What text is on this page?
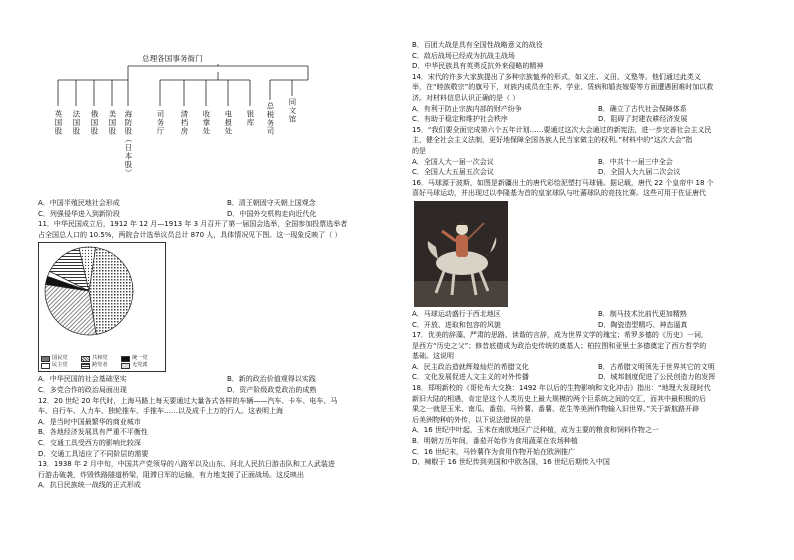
总理各国事务衙门
英国股 法国股 俄国股 美国股 海防股（日本股）	司务厅 清档房 收掌处 电报处 银库 总税务司 同文馆
A．中国半殖民地社会形成	B．清王朝固守天朝上国观念
C．列强侵华进入到新阶段	D．中国外交机构走向近代化
11．中华民国成立后，1912 年 12 月—1913 年 3 月召开了第一届国会选举，全国参加投票选举者
占全国总人口的 10.5%，两院合计选举议员总计 870 人，具体情况见下图。这一现象反映了（ ）
国民党	共和党	统一党
民主党	跨党者	无党派
A．中华民国的社会基础坚实	B．新的政治价值观得以实践
C．多党合作的政治局面出现	D．资产阶级政党政治的成熟
12．20 世纪 20 年代时，上海马路上每天要通过大量各式各样的车辆——汽车、卡车、电车、马
车、自行车、人力车、独轮推车、手推车……以及成千上万的行人。这表明上海
A．是当时中国最繁华的商业城市
B．各地经济发展具有严重不平衡性
C．交通工具受西方的影响比较深
D．交通工具适应了不同阶层的需要
13．1938 年 2 月中旬，中国共产党领导的八路军以及山东、河北人民抗日游击队和工人武装进
行游击破袭，炸毁铁路隧道桥梁，阻滞日军的运输，有力地支援了正面战场。这反映出
A．抗日民族统一战线的正式形成
B．百团大战是具有全国性战略意义的战役
C．敌后战场已经成为抗战主战场
D．中华民族具有英勇反抗外来侵略的精神
14．宋代的许多大家族提出了多种宗族恤养的形式，如义庄、义田、义塾等。他们通过此类义
举，在“睦族敬宗”的旗号下，对族内成员在生养、学业、赁病和婚丧嫁娶等方面遭遇困难时加以救
济。对材料信息认识正确的是（ ）
A．有利于防止宗族内部的财产纷争	B．确立了古代社会保障体系
C．有助于稳定和维护社会秩序	D．阻碍了封建农耕经济发展
15．“我们要全面完成第六个五年计划……要通过这次大会通过的新宪法，进一步完善社会主义民
主，健全社会主义法制，更好地保障全国各族人民当家做主的权利。”材料中的“这次大会”指
的是
A．全国人大一届一次会议	B．中共十一届三中全会
C．全国人大五届五次会议	D．全国人大九届二次会议
16．马球源于波斯，如图是新疆出土的唐代彩绘泥塑打马球俑。据记载，唐代 22 个皇帝中 18 个
喜好马球运动，并出现过以李隆基为首的皇家球队与吐蕃球队的竞技比赛。这些可用于佐证唐代
A．马球运动盛行于西北地区	B．制马技术比前代更加精熟
C．开放、进取和包容的风貌	D．陶瓷造型精巧、神态逼真
17．优美的辞藻、严肃的思路、读谐的言辞，成为世界文学的瑰宝；希罗多德的《历史》一词，
是西方“历史之父”；修昔底德成为政治史传统的奠基人；柏拉图和亚里士多德奠定了西方哲学的
基础。这说明
A．民主政治造就辉煌灿烂的希腊文化	B．古希腊文明领先于世界其它的文明
C．文化发展促进人文主义的对外传播	D．城邦制度促进了公民创造力的发挥
18．郑明新校的《哥伦布大交换：1492 年以后的生物影响和文化冲击》指出：“地理大发现时代
新旧大陆的相遇，肯定是这个人类历史上最大规模的两个巨系统之间的交汇，而其中最积极的后
果之一就是玉米、南瓜、番茄、马铃薯、番薯、花生等美洲作物输入旧世界。”关于新航路开辟
后美洲物种的外传，以下说法错误的是
A．16 世纪中叶起，玉米在南欧地区广泛种植，成为主要的粮食和饲料作物之一
B．明朝万历年间，番茄开始作为食用蔬菜在农场种植
C．16 世纪末，马铃薯作为食用作物开始在欧洲推广
D．辣椒于 16 世纪传到美国和中欧各国，16 世纪后期传入中国
